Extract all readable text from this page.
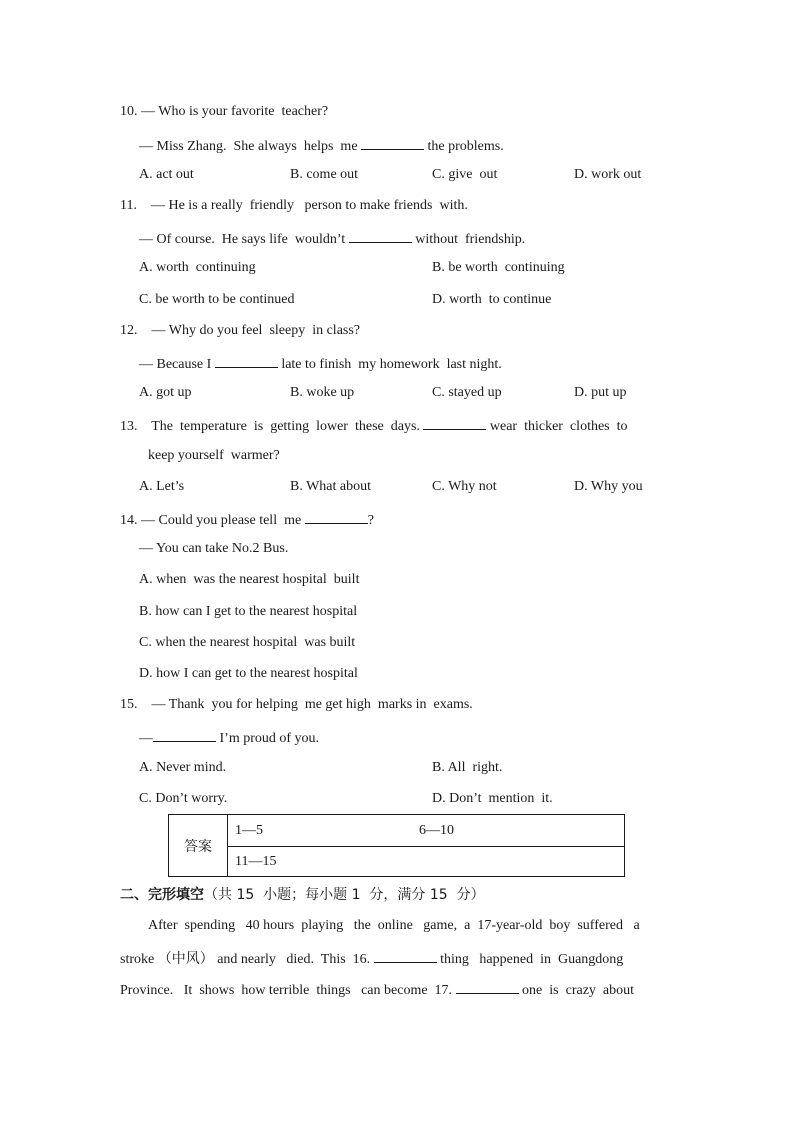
10. — Who is your favorite  teacher?
— Miss Zhang.  She always  helps  me	the problems.
A. act out	B. come out	C. give  out	D. work out
11. — He is a really  friendly   person to make friends  with.
— Of course.  He says life  wouldn’t	without  friendship.
A. worth  continuing	B. be worth  continuing
C. be worth to be continued	D. worth  to continue
12. — Why do you feel  sleepy  in class?
— Because I	late to finish  my homework  last night.
A. got up	B. woke up	C. stayed up	D. put up
13. The  temperature  is  getting  lower  these  days.	wear  thicker  clothes  to
keep yourself  warmer?
A. Let’s	B. What about	C. Why not	D. Why you
14. — Could you please tell  me	?
— You can take No.2 Bus.
A. when  was the nearest hospital  built
B. how can I get to the nearest hospital
C. when the nearest hospital  was built
D. how I can get to the nearest hospital
15. — Thank  you for helping  me get high  marks in  exams.
—	I’m proud of you.
A. Never mind.	B. All  right.
C. Don’t worry.	D. Don’t  mention  it.
答案
1—5	6—10
11—15
二、完形填空（共 15  小题；每小题 1  分，满分 15  分）
After  spending   40 hours  playing   the  online   game,  a  17-year-old  boy  suffered   a
stroke （中风） and nearly   died.  This  16.	thing   happened  in  Guangdong
Province.   It  shows  how terrible  things   can become  17.	one  is  crazy  about
